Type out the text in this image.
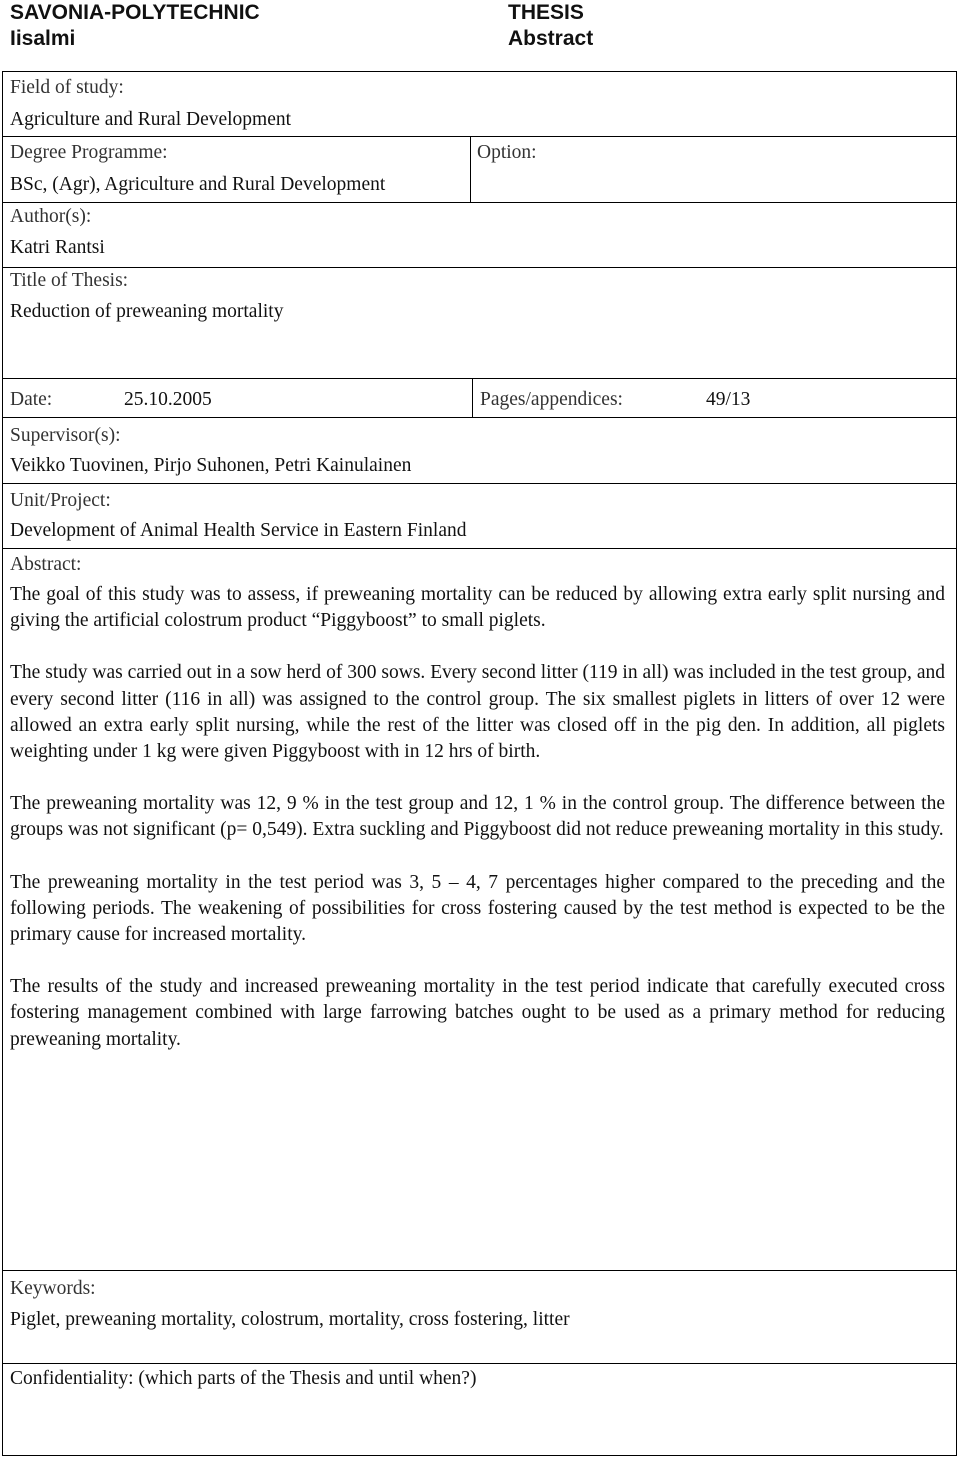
SAVONIA-POLYTECHNIC
Iisalmi
THESIS
Abstract
Field of study:
Agriculture and Rural Development
Degree Programme:
BSc, (Agr), Agriculture and Rural Development
Option:
Author(s):
Katri Rantsi
Title of Thesis:
Reduction of preweaning mortality
Date:	25.10.2005	Pages/appendices:	49/13
Supervisor(s):
Veikko Tuovinen, Pirjo Suhonen, Petri Kainulainen
Unit/Project:
Development of Animal Health Service in Eastern Finland
Abstract:

The goal of this study was to assess, if preweaning mortality can be reduced by allowing extra early split nursing and giving the artificial colostrum product “Piggyboost” to small piglets.

The study was carried out in a sow herd of 300 sows. Every second litter (119 in all) was included in the test group, and every second litter (116 in all) was assigned to the control group. The six smallest piglets in litters of over 12 were allowed an extra early split nursing, while the rest of the litter was closed off in the pig den. In addition, all piglets weighting under 1 kg were given Piggyboost with in 12 hrs of birth.

The preweaning mortality was 12, 9 % in the test group and 12, 1 % in the control group. The difference between the groups was not significant (p= 0,549). Extra suckling and Piggyboost did not reduce preweaning mortality in this study.

The preweaning mortality in the test period was 3, 5 – 4, 7 percentages higher compared to the preceding and the following periods. The weakening of possibilities for cross fostering caused by the test method is expected to be the primary cause for increased mortality.

The results of the study and increased preweaning mortality in the test period indicate that carefully executed cross fostering management combined with large farrowing batches ought to be used as a primary method for reducing preweaning mortality.

Keywords:
Piglet, preweaning mortality, colostrum, mortality, cross fostering, litter
Confidentiality: (which parts of the Thesis and until when?)
